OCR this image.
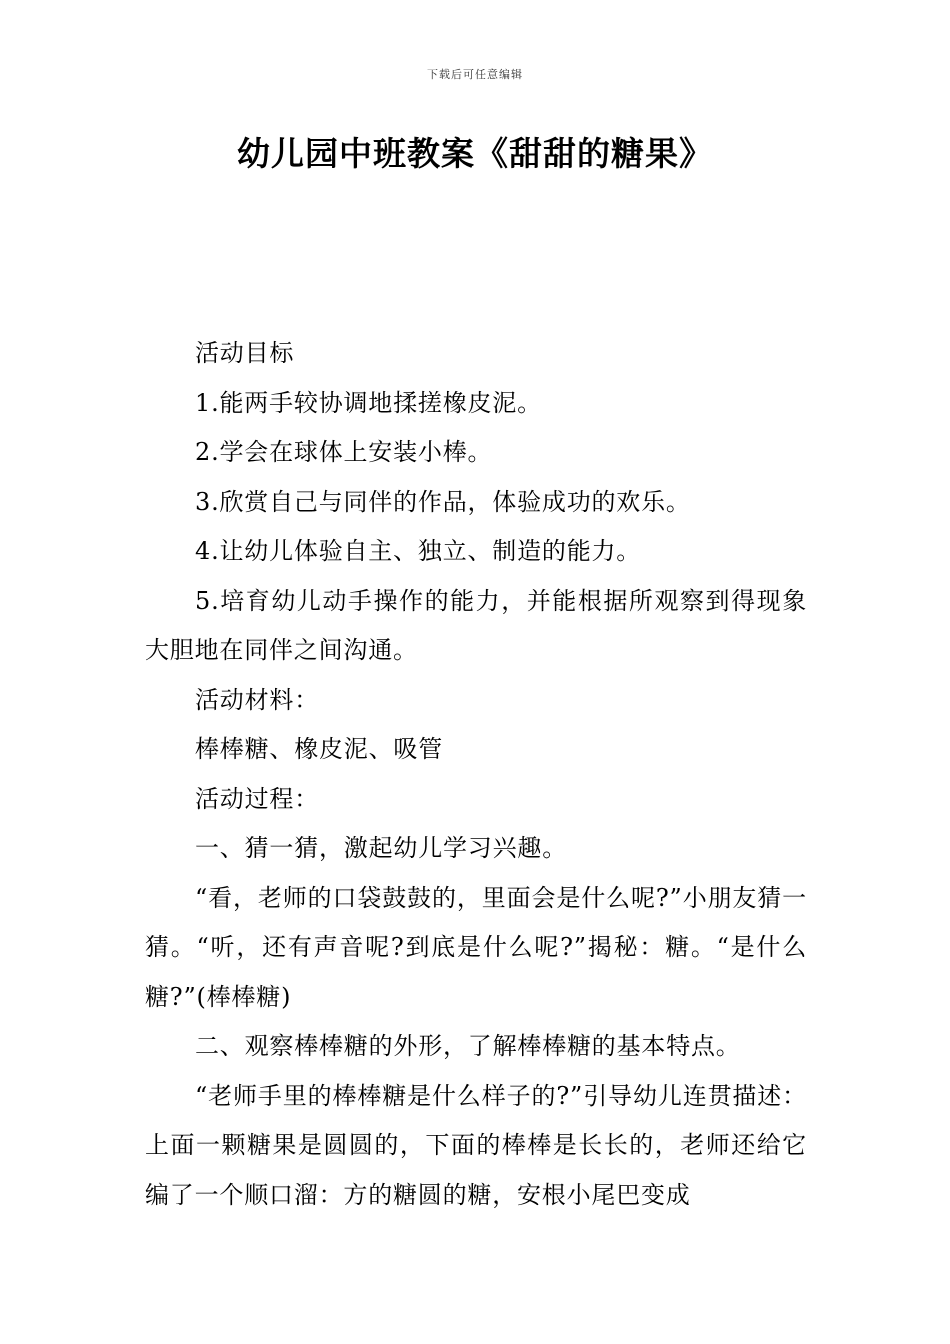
下载后可任意编辑
幼儿园中班教案《甜甜的糖果》

活动目标

1.能两手较协调地揉搓橡皮泥。

2.学会在球体上安装小棒。

3.欣赏自己与同伴的作品，体验成功的欢乐。

4.让幼儿体验自主、独立、制造的能力。

5.培育幼儿动手操作的能力，并能根据所观察到得现象大胆地在同伴之间沟通。

活动材料：

棒棒糖、橡皮泥、吸管

活动过程：

一、猜一猜，激起幼儿学习兴趣。

“看，老师的口袋鼓鼓的，里面会是什么呢?”小朋友猜一猜。“听，还有声音呢?到底是什么呢?”揭秘：糖。“是什么糖?”(棒棒糖)

二、观察棒棒糖的外形，了解棒棒糖的基本特点。

“老师手里的棒棒糖是什么样子的?”引导幼儿连贯描述：上面一颗糖果是圆圆的，下面的棒棒是长长的，老师还给它编了一个顺口溜：方的糖圆的糖，安根小尾巴变成
